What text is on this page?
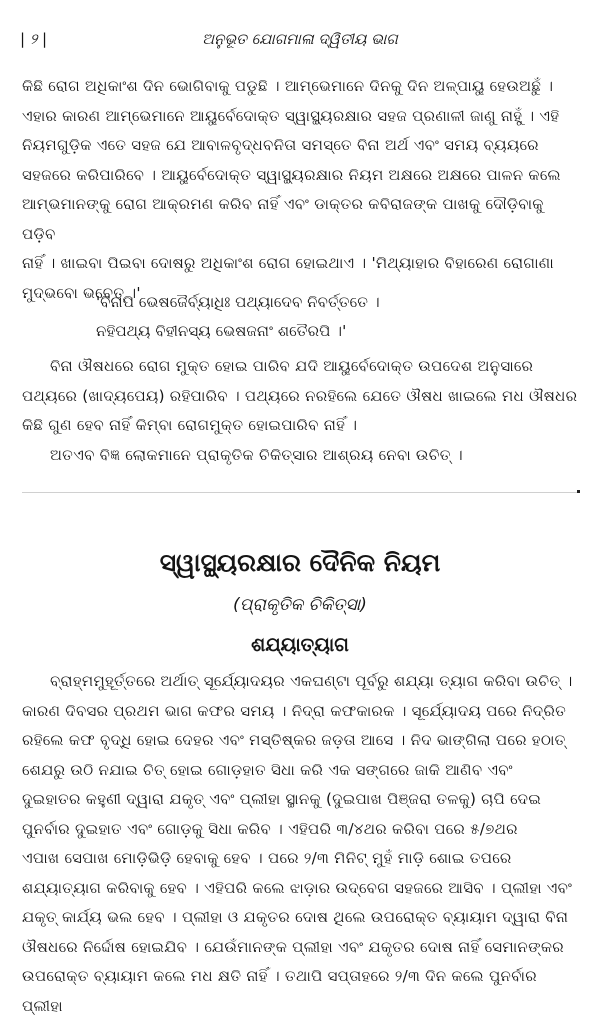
| ୨ |	ଅନୁଭୂତ ଯୋଗମାଳା ଦ୍ୱିତୀୟ ଭାଗ

କିଛି ରୋଗ ଅଧିକାଂଶ ଦିନ ଭୋଗିବାକୁ ପଡୁଛି । ଆମ୍ଭେମାନେ ଦିନକୁ ଦିନ ଅଳ୍ପାୟୁ ହେଉଅଛୁଁ ।

ଏହାର କାରଣ ଆମ୍ଭେମାନେ ଆୟୁର୍ବେଦୋକ୍ତ ସ୍ୱାସ୍ଥ୍ୟରକ୍ଷାର ସହଜ ପ୍ରଣାଳୀ ଜାଣୁ ନାହୁଁ । ଏହି

ନିୟମଗୁଡ଼ିକ ଏତେ ସହଜ ଯେ ଆବାଳବୃଦ୍ଧବନିତା ସମସ୍ତେ ବିନା ଅର୍ଥ ଏବଂ ସମୟ ବ୍ୟୟରେ

ସହଜରେ କରିପାରିବେ । ଆୟୁର୍ବେଦୋକ୍ତ ସ୍ୱାସ୍ଥ୍ୟରକ୍ଷାର ନିୟମ ଅକ୍ଷରେ ଅକ୍ଷରେ ପାଳନ କଲେ

ଆମ୍ଭମାନଙ୍କୁ ରୋଗ ଆକ୍ରମଣ କରିବ ନାହିଁ ଏବଂ ଡାକ୍ତର କବିରାଜଙ୍କ ପାଖକୁ ଦୌଡ଼ିବାକୁ ପଡ଼ିବ

ନାହିଁ । ଖାଇବା ପିଇବା ଦୋଷରୁ ଅଧିକାଂଶ ରୋଗ ହୋଇଥାଏ । 'ମିଥ୍ୟାହାର ବିହାରେଣ ରୋଗାଣା

ମୁଦ୍ଭବୋ ଭବେତ୍ ।'

'ବିନାପି ଭେଷଜୈର୍ବ୍ୟାଧିଃ ପଥ୍ୟାଦେବ ନିବର୍ତ୍ତତେ ।

ନହିପଥ୍ୟ ବିହୀନସ୍ୟ ଭେଷଜନାଂ ଶତୈରପି ।'

ବିନା ଔଷଧରେ ରୋଗ ମୁକ୍ତ ହୋଇ ପାରିବ ଯଦି ଆୟୁର୍ବେଦୋକ୍ତ ଉପଦେଶ ଅନୁସାରେ

ପଥ୍ୟରେ (ଖାଦ୍ୟପେୟ) ରହିପାରିବ । ପଥ୍ୟରେ ନରହିଲେ ଯେତେ ଔଷଧ ଖାଇଲେ ମଧ ଔଷଧର

କିଛି ଗୁଣ ହେବ ନାହିଁ କିମ୍ବା ରୋଗମୁକ୍ତ ହୋଇପାରିବ ନାହିଁ ।

ଅତଏବ ବିଜ୍ଞ ଲୋକମାନେ ପ୍ରାକୃତିକ ଚିକିତ୍ସାର ଆଶ୍ରୟ ନେବା ଉଚିତ୍ ।

ସ୍ୱାସ୍ଥ୍ୟରକ୍ଷାର ଦୈନିକ ନିୟମ
(ପ୍ରାକୃତିକ ଚିକିତ୍ସା)
ଶଯ୍ୟାତ୍ୟାଗ

ବ୍ରାହ୍ମମୁହୂର୍ତ୍ତରେ ଅର୍ଥାତ୍ ସୂର୍ଯ୍ୟୋଦୟର ଏକଘଣ୍ଟା ପୂର୍ବରୁ ଶଯ୍ୟା ତ୍ୟାଗ କରିବା ଉଚିତ୍ ।

କାରଣ ଦିବସର ପ୍ରଥମ ଭାଗ କଫର ସମୟ । ନିଦ୍ରା କଫକାରକ । ସୂର୍ଯ୍ୟୋଦୟ ପରେ ନିଦ୍ରିତ

ରହିଲେ କଫ ବୃଦ୍ଧି ହୋଇ ଦେହର ଏବଂ ମସ୍ତିଷ୍କର ଜଡ଼ତା ଆସେ । ନିଦ ଭାଙ୍ଗିଲା ପରେ ହଠାତ୍

ଶେଯରୁ ଉଠି ନଯାଇ ଚିତ୍ ହୋଇ ଗୋଡ଼ହାତ ସିଧା କରି ଏକ ସଙ୍ଗରେ ଜାକି ଆଣିବ ଏବଂ

ଦୁଇହାତର କହୁଣୀ ଦ୍ୱାରା ଯକୃତ୍ ଏବଂ ପ୍ଲୀହା ସ୍ଥାନକୁ (ଦୁଇପାଖ ପିଞ୍ଜରା ତଳକୁ) ଚାପି ଦେଇ

ପୁନର୍ବାର ଦୁଇହାତ ଏବଂ ଗୋଡ଼କୁ ସିଧା କରିବ । ଏହିପରି ୩/୪ଥର କରିବା ପରେ ୫/୭ଥର

ଏପାଖ ସେପାଖ ମୋଡ଼ିଭିଡ଼ି ହେବାକୁ ହେବ । ପରେ ୨/୩ ମିନିଟ୍ ମୁହଁ ମାଡ଼ି ଶୋଇ ତପରେ

ଶଯ୍ୟାତ୍ୟାଗ କରିବାକୁ ହେବ । ଏହିପରି କଲେ ଝାଡ଼ାର ଉଦ୍‌ବେଗ ସହଜରେ ଆସିବ । ପ୍ଲୀହା ଏବଂ

ଯକୃତ୍ କାର୍ଯ୍ୟ ଭଲ ହେବ । ପ୍ଲୀହା ଓ ଯକୃତର ଦୋଷ ଥିଲେ ଉପରୋକ୍ତ ବ୍ୟାୟାମ ଦ୍ୱାରା ବିନା

ଔଷଧରେ ନିର୍ଦ୍ଦୋଷ ହୋଇଯିବ । ଯେଉଁମାନଙ୍କ ପ୍ଲୀହା ଏବଂ ଯକୃତର ଦୋଷ ନାହିଁ ସେମାନଙ୍କର

ଉପରୋକ୍ତ ବ୍ୟାୟାମ କଲେ ମଧ କ୍ଷତି ନାହିଁ । ତଥାପି ସପ୍ତାହରେ ୨/୩ ଦିନ କଲେ ପୁନର୍ବାର ପ୍ଲୀହା
